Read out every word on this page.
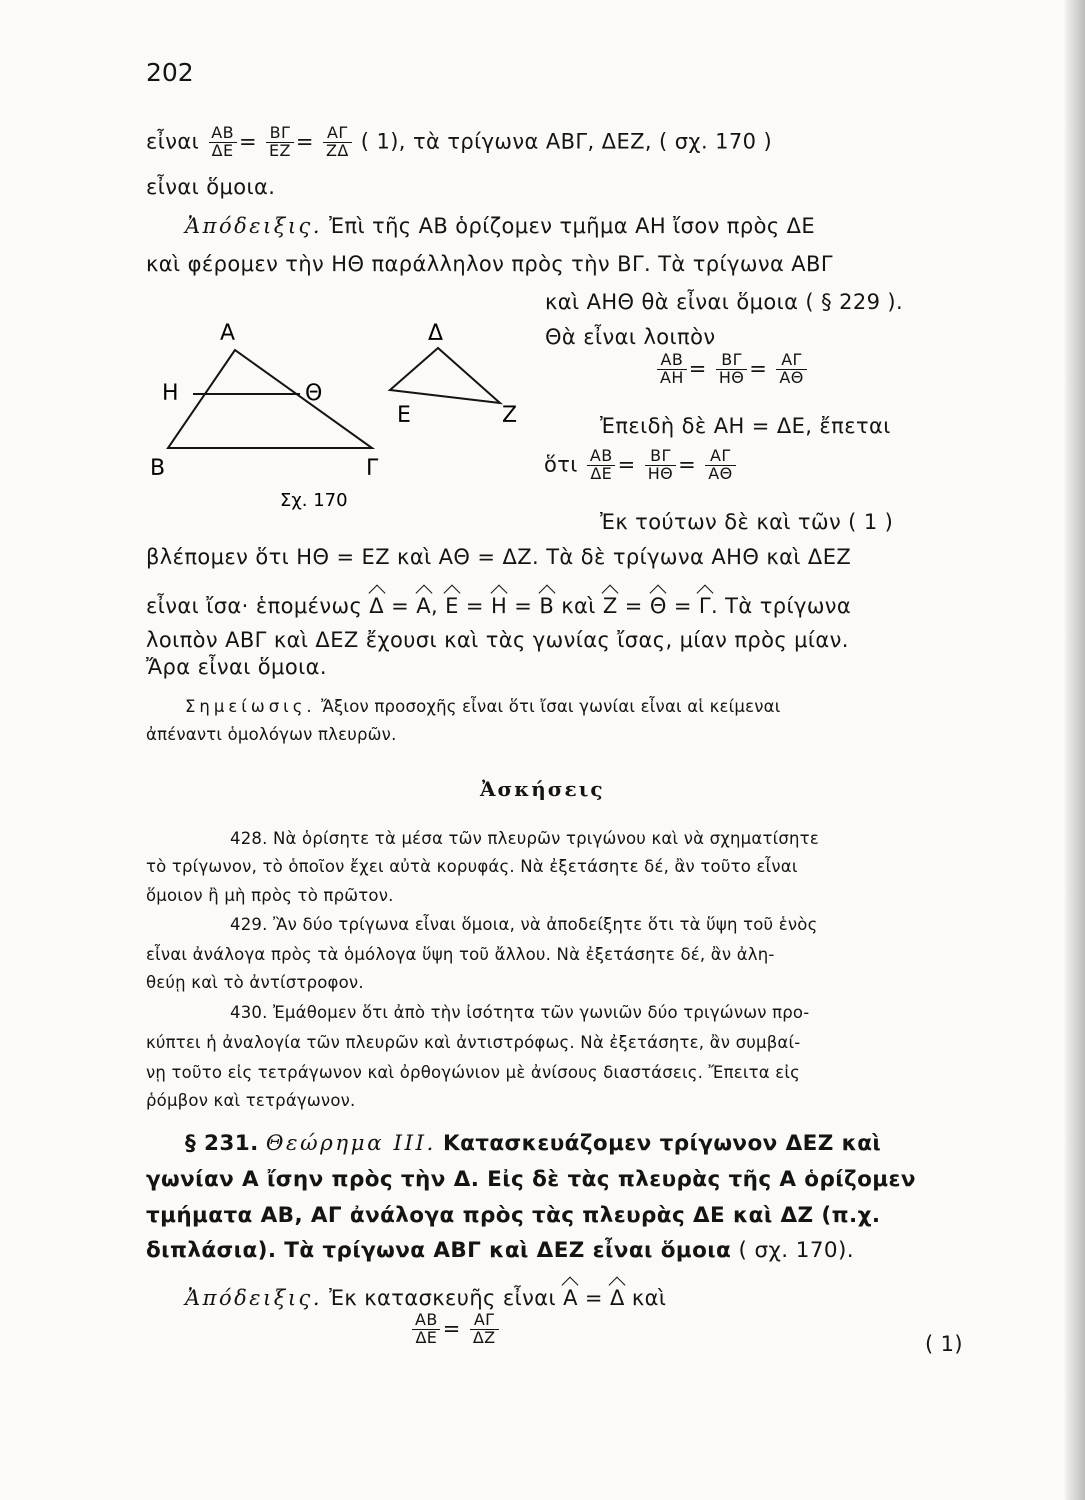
202
εἶναι $\frac{AB}{\Delta E} = \frac{B\Gamma}{EZ} = \frac{A\Gamma}{Z\Delta}$ ( 1), τὰ τρίγωνα ΑΒΓ, ΔΕΖ, ( σχ. 170 )
εἶναι ὅμοια.
Ἀπόδειξις. Ἐπὶ τῆς ΑΒ ὁρίζομεν τμῆμα ΑΗ ἴσον πρὸς ΔΕ
καὶ φέρομεν τὴν ΗΘ παράλληλον πρὸς τὴν ΒΓ. Τὰ τρίγωνα ΑΒΓ
καὶ ΑΗΘ θὰ εἶναι ὅμοια ( § 229 ).
Θὰ εἶναι λοιπὸν
$\frac{AB}{AH} = \frac{B\Gamma}{H\Theta} = \frac{A\Gamma}{A\Theta}$
Ἐπειδὴ δὲ ΑΗ = ΔΕ, ἔπεται
ὅτι $\frac{AB}{\Delta E} = \frac{B\Gamma}{H\Theta} = \frac{A\Gamma}{A\Theta}$
Ἐκ τούτων δὲ καὶ τῶν ( 1 )
βλέπομεν ὅτι ΗΘ = ΕΖ καὶ ΑΘ = ΔΖ. Τὰ δὲ τρίγωνα ΑΗΘ καὶ ΔΕΖ
εἶναι ἴσα· ἑπομένως Δ = Α, Ε = Η = Β καὶ Ζ = Θ = Γ. Τὰ τρίγωνα
λοιπὸν ΑΒΓ καὶ ΔΕΖ ἔχουσι καὶ τὰς γωνίας ἴσας, μίαν πρὸς μίαν.
Ἄρα εἶναι ὅμοια.
Σημείωσις. Ἄξιον προσοχῆς εἶναι ὅτι ἴσαι γωνίαι εἶναι αἱ κείμεναι
ἀπέναντι ὁμολόγων πλευρῶν.
Ἀσκήσεις
428. Νὰ ὁρίσητε τὰ μέσα τῶν πλευρῶν τριγώνου καὶ νὰ σχηματίσητε
τὸ τρίγωνον, τὸ ὁποῖον ἔχει αὐτὰ κορυφάς. Νὰ ἐξετάσητε δέ, ἂν τοῦτο εἶναι
ὅμοιον ἢ μὴ πρὸς τὸ πρῶτον.
429. Ἂν δύο τρίγωνα εἶναι ὅμοια, νὰ ἀποδείξητε ὅτι τὰ ὕψη τοῦ ἑνὸς
εἶναι ἀνάλογα πρὸς τὰ ὁμόλογα ὕψη τοῦ ἄλλου. Νὰ ἐξετάσητε δέ, ἂν ἀλη-
θεύῃ καὶ τὸ ἀντίστροφον.
430. Ἐμάθομεν ὅτι ἀπὸ τὴν ἰσότητα τῶν γωνιῶν δύο τριγώνων προ-
κύπτει ἡ ἀναλογία τῶν πλευρῶν καὶ ἀντιστρόφως. Νὰ ἐξετάσητε, ἂν συμβαί-
νῃ τοῦτο εἰς τετράγωνον καὶ ὀρθογώνιον μὲ ἀνίσους διαστάσεις. Ἔπειτα εἰς
ῥόμβον καὶ τετράγωνον.
§ 231. Θεώρημα III. Κατασκευάζομεν τρίγωνον ΔΕΖ καὶ
γωνίαν Α ἴσην πρὸς τὴν Δ. Εἰς δὲ τὰς πλευρὰς τῆς Α ὁρίζομεν
τμήματα ΑΒ, ΑΓ ἀνάλογα πρὸς τὰς πλευρὰς ΔΕ καὶ ΔΖ (π.χ.
διπλάσια). Τὰ τρίγωνα ΑΒΓ καὶ ΔΕΖ εἶναι ὅμοια ( σχ. 170).
Ἀπόδειξις. Ἐκ κατασκευῆς εἶναι Α = Δ καὶ
$\frac{AB}{\Delta E} = \frac{A\Gamma}{\Delta Z}$	( 1)
Α
Η	Θ
Β	Γ
Δ
Ε	Ζ
Σχ. 170
